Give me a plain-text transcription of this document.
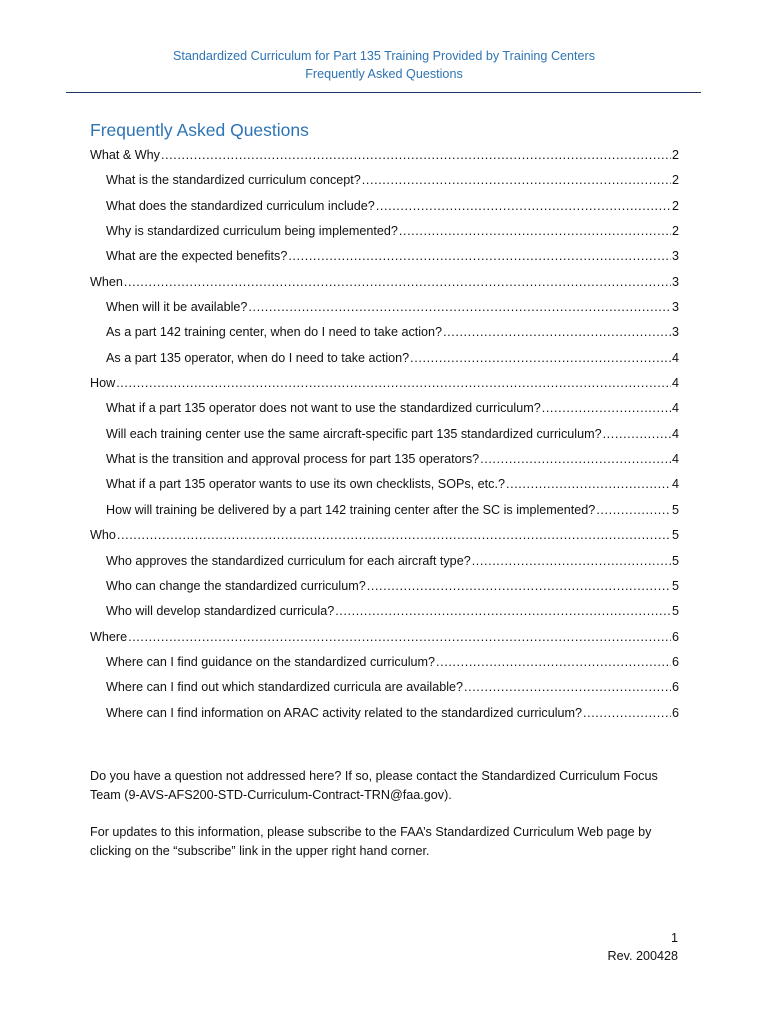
Standardized Curriculum for Part 135 Training Provided by Training Centers
Frequently Asked Questions
Frequently Asked Questions
What & Why .....	2
What is the standardized curriculum concept? .....	2
What does the standardized curriculum include? .....	2
Why is standardized curriculum being implemented? .....	2
What are the expected benefits? .....	3
When .....	3
When will it be available? .....	3
As a part 142 training center, when do I need to take action? .....	3
As a part 135 operator, when do I need to take action? .....	4
How .....	4
What if a part 135 operator does not want to use the standardized curriculum? .....	4
Will each training center use the same aircraft-specific part 135 standardized curriculum? .....	4
What is the transition and approval process for part 135 operators? .....	4
What if a part 135 operator wants to use its own checklists, SOPs, etc.? .....	4
How will training be delivered by a part 142 training center after the SC is implemented? .....	5
Who .....	5
Who approves the standardized curriculum for each aircraft type? .....	5
Who can change the standardized curriculum? .....	5
Who will develop standardized curricula? .....	5
Where .....	6
Where can I find guidance on the standardized curriculum? .....	6
Where can I find out which standardized curricula are available? .....	6
Where can I find information on ARAC activity related to the standardized curriculum? .....	6

Do you have a question not addressed here? If so, please contact the Standardized Curriculum Focus Team (9-AVS-AFS200-STD-Curriculum-Contract-TRN@faa.gov).

For updates to this information, please subscribe to the FAA’s Standardized Curriculum Web page by clicking on the “subscribe” link in the upper right hand corner.

1
Rev. 200428
